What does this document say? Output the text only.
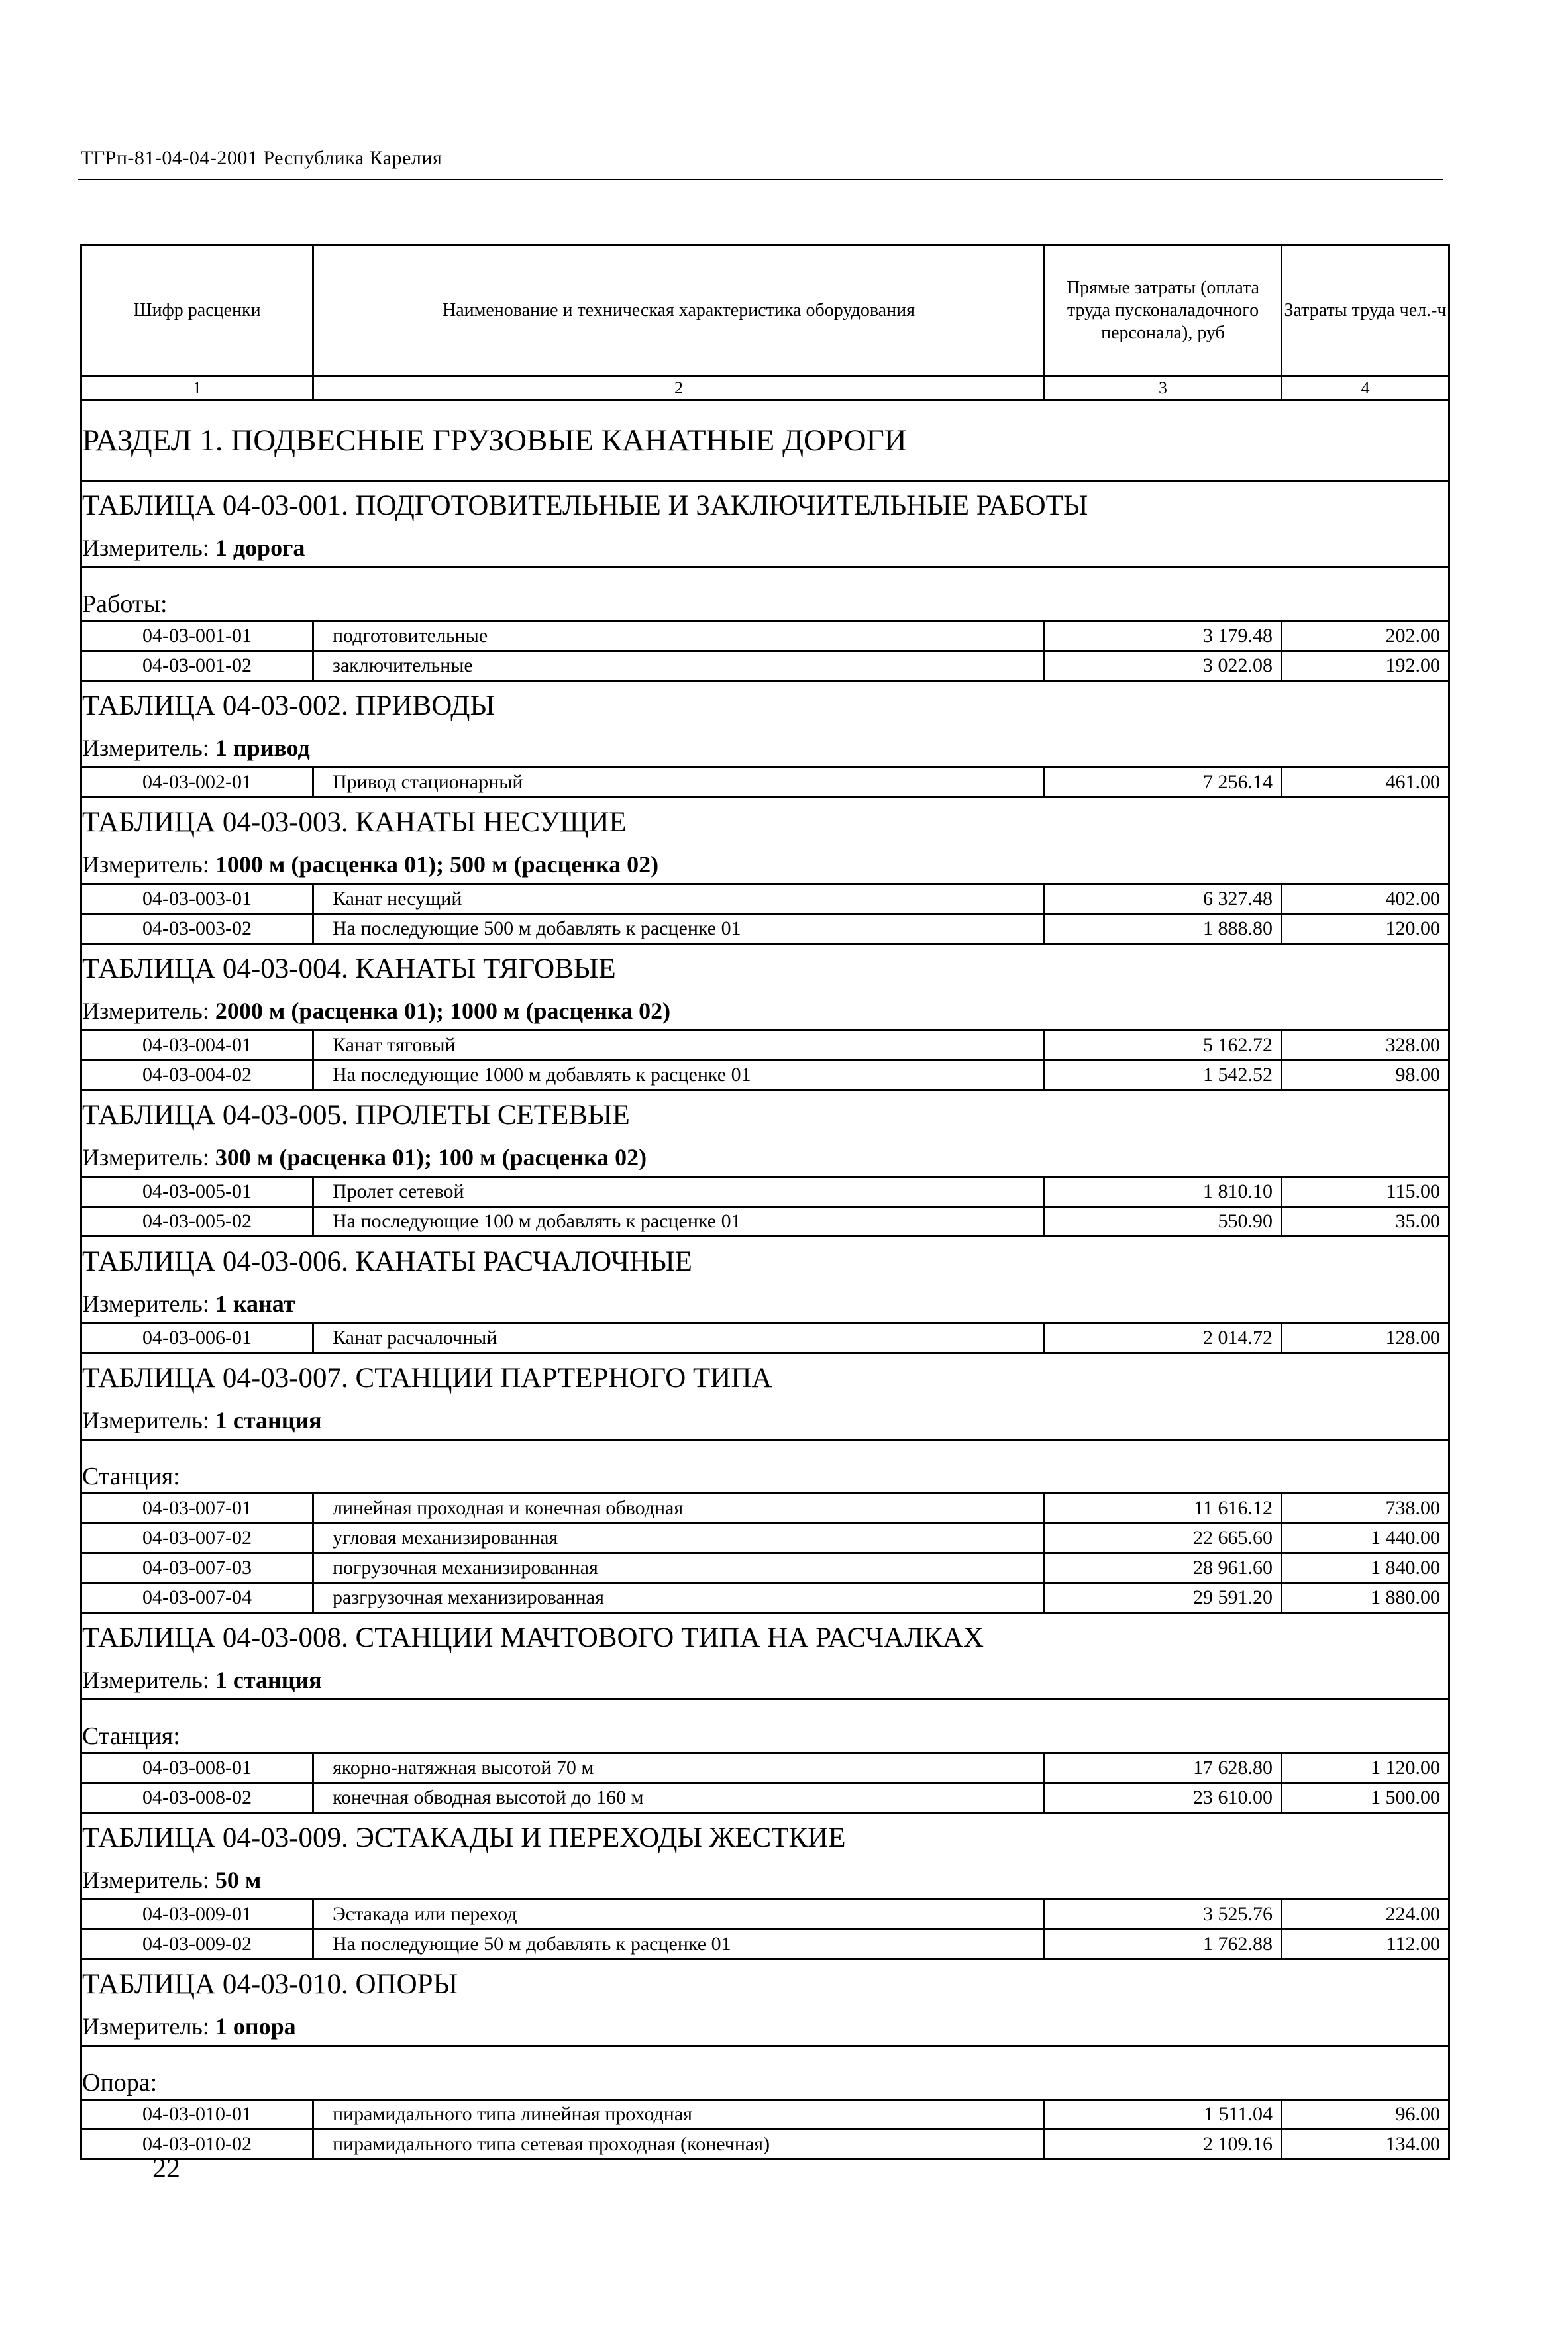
ТГРп-81-04-04-2001 Республика Карелия
Шифр расценки	Наименование и техническая характеристика оборудования	Прямые затраты (оплата труда пусконаладочного персонала), руб	Затраты труда чел.-ч
1	2	3	4
РАЗДЕЛ 1. ПОДВЕСНЫЕ ГРУЗОВЫЕ КАНАТНЫЕ ДОРОГИ			
ТАБЛИЦА 04-03-001. ПОДГОТОВИТЕЛЬНЫЕ И ЗАКЛЮЧИТЕЛЬНЫЕ РАБОТЫ			
Измеритель: 1 дорога			

Работы:			
04-03-001-01	подготовительные	3 179.48	202.00
04-03-001-02	заключительные	3 022.08	192.00
ТАБЛИЦА 04-03-002. ПРИВОДЫ			
Измеритель: 1 привод			
04-03-002-01	Привод стационарный	7 256.14	461.00
ТАБЛИЦА 04-03-003. КАНАТЫ НЕСУЩИЕ			
Измеритель: 1000 м (расценка 01); 500 м (расценка 02)			
04-03-003-01	Канат несущий	6 327.48	402.00
04-03-003-02	На последующие 500 м добавлять к расценке 01	1 888.80	120.00
ТАБЛИЦА 04-03-004. КАНАТЫ ТЯГОВЫЕ			
Измеритель: 2000 м (расценка 01); 1000 м (расценка 02)			
04-03-004-01	Канат тяговый	5 162.72	328.00
04-03-004-02	На последующие 1000 м добавлять к расценке 01	1 542.52	98.00
ТАБЛИЦА 04-03-005. ПРОЛЕТЫ СЕТЕВЫЕ			
Измеритель: 300 м (расценка 01); 100 м (расценка 02)			
04-03-005-01	Пролет сетевой	1 810.10	115.00
04-03-005-02	На последующие 100 м добавлять к расценке 01	550.90	35.00
ТАБЛИЦА 04-03-006. КАНАТЫ РАСЧАЛОЧНЫЕ			
Измеритель: 1 канат			
04-03-006-01	Канат расчалочный	2 014.72	128.00
ТАБЛИЦА 04-03-007. СТАНЦИИ ПАРТЕРНОГО ТИПА			
Измеритель: 1 станция			

Станция:			
04-03-007-01	линейная проходная и конечная обводная	11 616.12	738.00
04-03-007-02	угловая механизированная	22 665.60	1 440.00
04-03-007-03	погрузочная механизированная	28 961.60	1 840.00
04-03-007-04	разгрузочная механизированная	29 591.20	1 880.00
ТАБЛИЦА 04-03-008. СТАНЦИИ МАЧТОВОГО ТИПА НА РАСЧАЛКАХ			
Измеритель: 1 станция			

Станция:			
04-03-008-01	якорно-натяжная высотой 70 м	17 628.80	1 120.00
04-03-008-02	конечная обводная высотой до 160 м	23 610.00	1 500.00
ТАБЛИЦА 04-03-009. ЭСТАКАДЫ И ПЕРЕХОДЫ ЖЕСТКИЕ			
Измеритель: 50 м			
04-03-009-01	Эстакада или переход	3 525.76	224.00
04-03-009-02	На последующие 50 м добавлять к расценке 01	1 762.88	112.00
ТАБЛИЦА 04-03-010. ОПОРЫ			
Измеритель: 1 опора			

Опора:			
04-03-010-01	пирамидального типа линейная проходная	1 511.04	96.00
04-03-010-02	пирамидального типа сетевая проходная (конечная)	2 109.16	134.00
22
